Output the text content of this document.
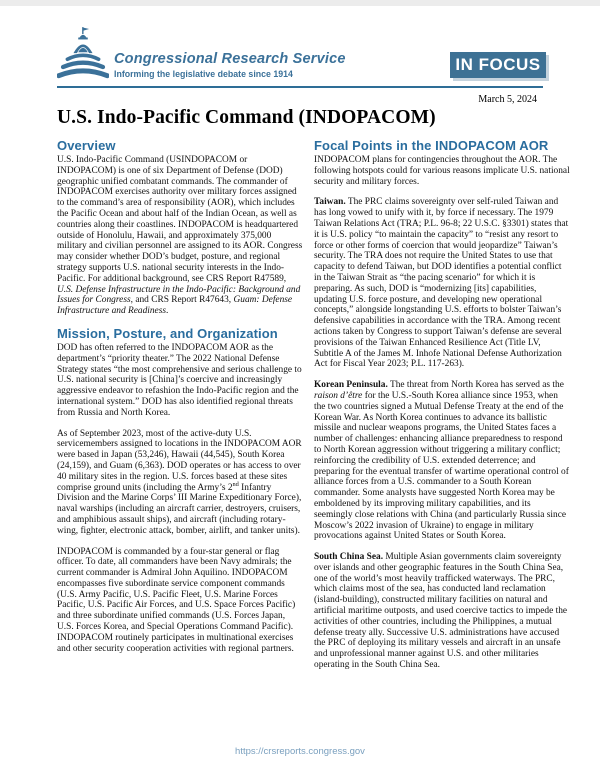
Congressional Research Service
Informing the legislative debate since 1914	IN FOCUS
March 5, 2024
U.S. Indo-Pacific Command (INDOPACOM)
Overview

U.S. Indo-Pacific Command (USINDOPACOM or INDOPACOM) is one of six Department of Defense (DOD) geographic unified combatant commands. The commander of INDOPACOM exercises authority over military forces assigned to the command’s area of responsibility (AOR), which includes the Pacific Ocean and about half of the Indian Ocean, as well as countries along their coastlines. INDOPACOM is headquartered outside of Honolulu, Hawaii, and approximately 375,000 military and civilian personnel are assigned to its AOR. Congress may consider whether DOD’s budget, posture, and regional strategy supports U.S. national security interests in the Indo-Pacific. For additional background, see CRS Report R47589, U.S. Defense Infrastructure in the Indo-Pacific: Background and Issues for Congress, and CRS Report R47643, Guam: Defense Infrastructure and Readiness.

Mission, Posture, and Organization

DOD has often referred to the INDOPACOM AOR as the department’s “priority theater.” The 2022 National Defense Strategy states “the most comprehensive and serious challenge to U.S. national security is [China]’s coercive and increasingly aggressive endeavor to refashion the Indo-Pacific region and the international system.” DOD has also identified regional threats from Russia and North Korea.

As of September 2023, most of the active-duty U.S. servicemembers assigned to locations in the INDOPACOM AOR were based in Japan (53,246), Hawaii (44,545), South Korea (24,159), and Guam (6,363). DOD operates or has access to over 40 military sites in the region. U.S. forces based at these sites comprise ground units (including the Army’s 2nd Infantry Division and the Marine Corps’ III Marine Expeditionary Force), naval warships (including an aircraft carrier, destroyers, cruisers, and amphibious assault ships), and aircraft (including rotary-wing, fighter, electronic attack, bomber, airlift, and tanker units).

INDOPACOM is commanded by a four-star general or flag officer. To date, all commanders have been Navy admirals; the current commander is Admiral John Aquilino. INDOPACOM encompasses five subordinate service component commands (U.S. Army Pacific, U.S. Pacific Fleet, U.S. Marine Forces Pacific, U.S. Pacific Air Forces, and U.S. Space Forces Pacific) and three subordinate unified commands (U.S. Forces Japan, U.S. Forces Korea, and Special Operations Command Pacific). INDOPACOM routinely participates in multinational exercises and other security cooperation activities with regional partners.

Focal Points in the INDOPACOM AOR

INDOPACOM plans for contingencies throughout the AOR. The following hotspots could for various reasons implicate U.S. national security and military forces.

Taiwan. The PRC claims sovereignty over self-ruled Taiwan and has long vowed to unify with it, by force if necessary. The 1979 Taiwan Relations Act (TRA; P.L. 96-8; 22 U.S.C. §3301) states that it is U.S. policy “to maintain the capacity” to “resist any resort to force or other forms of coercion that would jeopardize” Taiwan’s security. The TRA does not require the United States to use that capacity to defend Taiwan, but DOD identifies a potential conflict in the Taiwan Strait as “the pacing scenario” for which it is preparing. As such, DOD is “modernizing [its] capabilities, updating U.S. force posture, and developing new operational concepts,” alongside longstanding U.S. efforts to bolster Taiwan’s defensive capabilities in accordance with the TRA. Among recent actions taken by Congress to support Taiwan’s defense are several provisions of the Taiwan Enhanced Resilience Act (Title LV, Subtitle A of the James M. Inhofe National Defense Authorization Act for Fiscal Year 2023; P.L. 117-263).

Korean Peninsula. The threat from North Korea has served as the raison d’être for the U.S.-South Korea alliance since 1953, when the two countries signed a Mutual Defense Treaty at the end of the Korean War. As North Korea continues to advance its ballistic missile and nuclear weapons programs, the United States faces a number of challenges: enhancing alliance preparedness to respond to North Korean aggression without triggering a military conflict; reinforcing the credibility of U.S. extended deterrence; and preparing for the eventual transfer of wartime operational control of alliance forces from a U.S. commander to a South Korean commander. Some analysts have suggested North Korea may be emboldened by its improving military capabilities, and its seemingly close relations with China (and particularly Russia since Moscow’s 2022 invasion of Ukraine) to engage in military provocations against United States or South Korea.

South China Sea. Multiple Asian governments claim sovereignty over islands and other geographic features in the South China Sea, one of the world’s most heavily trafficked waterways. The PRC, which claims most of the sea, has conducted land reclamation (island-building), constructed military facilities on natural and artificial maritime outposts, and used coercive tactics to impede the activities of other countries, including the Philippines, a mutual defense treaty ally. Successive U.S. administrations have accused the PRC of deploying its military vessels and aircraft in an unsafe and unprofessional manner against U.S. and other militaries operating in the South China Sea.

https://crsreports.congress.gov
